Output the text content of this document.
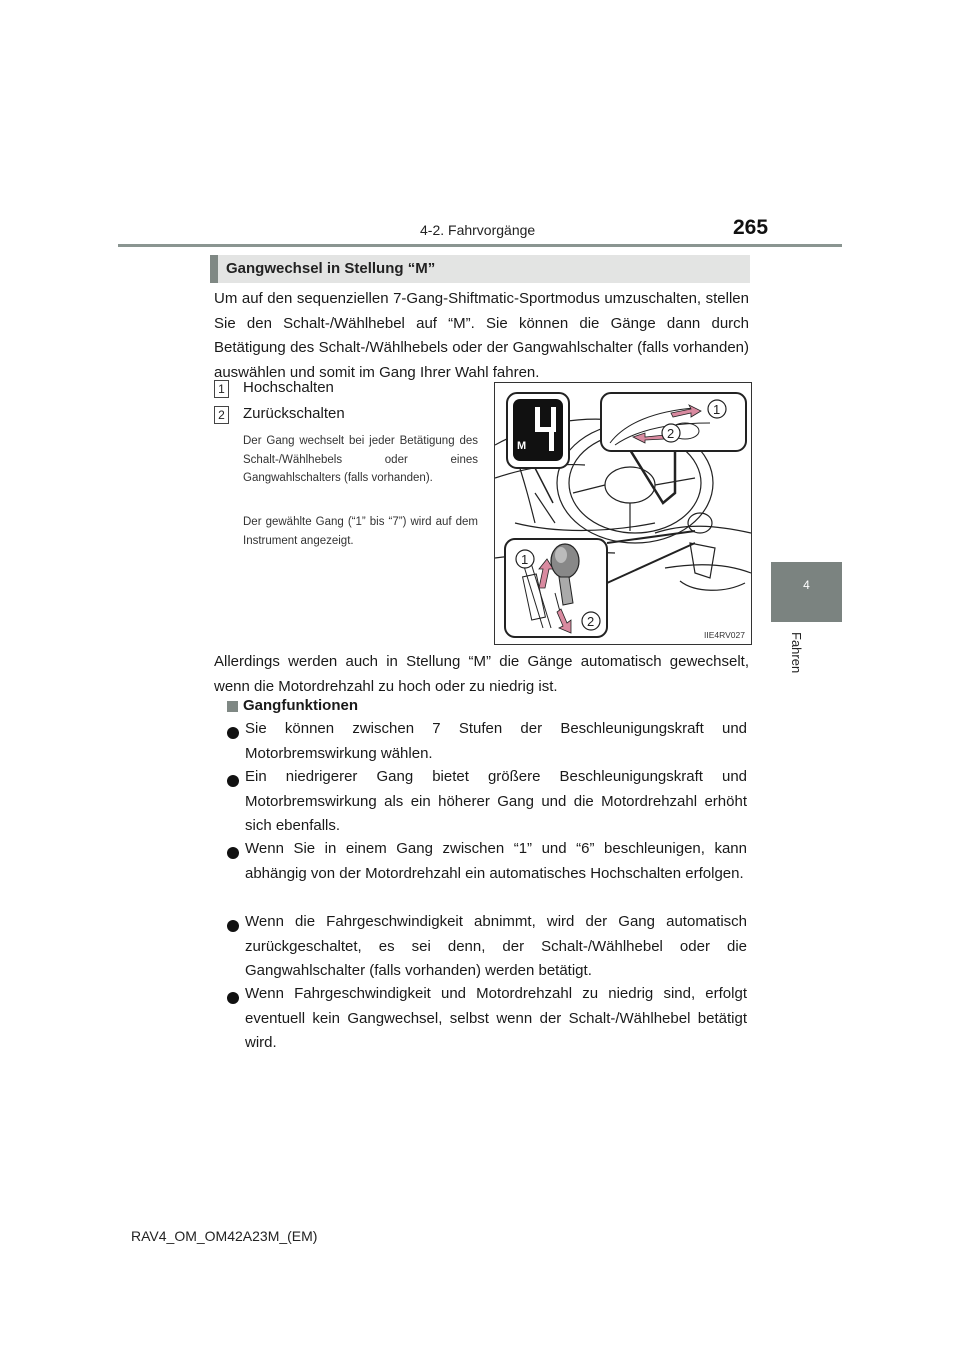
4-2. Fahrvorgänge	265
4
Fahren
Gangwechsel in Stellung “M”
Um auf den sequenziellen 7-Gang-Shiftmatic-Sportmodus umzuschalten, stellen Sie den Schalt-/Wählhebel auf “M”. Sie können die Gänge dann durch Betätigung des Schalt-/Wählhebels oder der Gangwahlschalter (falls vorhanden) auswählen und somit im Gang Ihrer Wahl fahren.
1 Hochschalten
2 Zurückschalten
Der Gang wechselt bei jeder Betätigung des Schalt-/Wählhebels oder eines Gangwahlschalters (falls vorhanden).
Der gewählte Gang (“1” bis “7”) wird auf dem Instrument angezeigt.
M
1
2
1
2
IIE4RV027
Allerdings werden auch in Stellung “M” die Gänge automatisch gewechselt, wenn die Motordrehzahl zu hoch oder zu niedrig ist.
Gangfunktionen
Sie können zwischen 7 Stufen der Beschleunigungskraft und Motorbremswirkung wählen.
Ein niedrigerer Gang bietet größere Beschleunigungskraft und Motorbremswirkung als ein höherer Gang und die Motordrehzahl erhöht sich ebenfalls.
Wenn Sie in einem Gang zwischen “1” und “6” beschleunigen, kann abhängig von der Motordrehzahl ein automatisches Hochschalten erfolgen.
Wenn die Fahrgeschwindigkeit abnimmt, wird der Gang automatisch zurückgeschaltet, es sei denn, der Schalt-/Wählhebel oder die Gangwahlschalter (falls vorhanden) werden betätigt.
Wenn Fahrgeschwindigkeit und Motordrehzahl zu niedrig sind, erfolgt eventuell kein Gangwechsel, selbst wenn der Schalt-/Wählhebel betätigt wird.
RAV4_OM_OM42A23M_(EM)
